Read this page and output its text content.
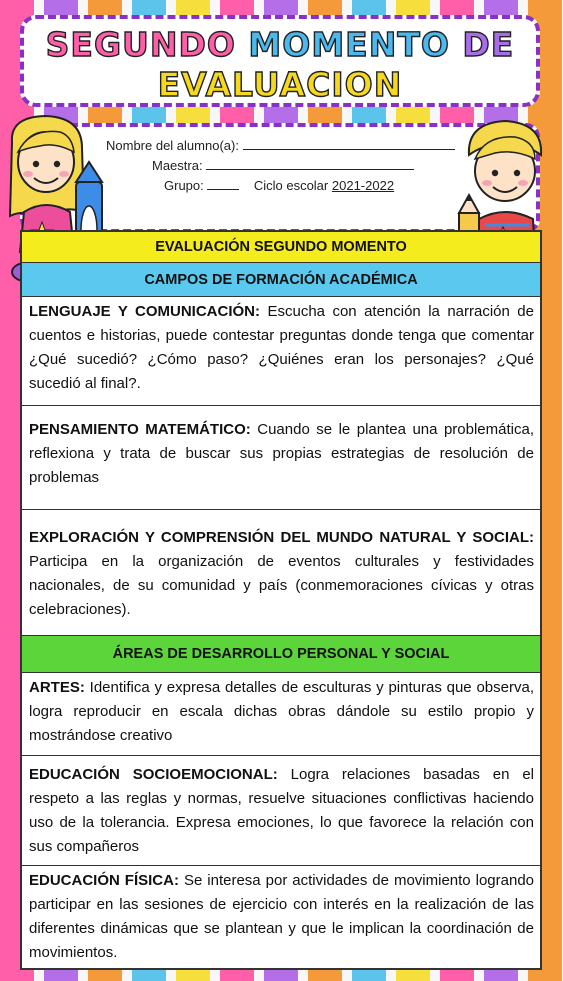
SEGUNDO MOMENTO DE
EVALUACION
Nombre del alumno(a):
Maestra:
Grupo:	Ciclo escolar 2021-2022
EVALUACIÓN SEGUNDO MOMENTO
CAMPOS DE FORMACIÓN ACADÉMICA
LENGUAJE Y COMUNICACIÓN: Escucha con atención la narración de cuentos e historias, puede contestar preguntas donde tenga que comentar ¿Qué sucedió? ¿Cómo paso? ¿Quiénes eran los personajes? ¿Qué sucedió al final?.
PENSAMIENTO MATEMÁTICO: Cuando se le plantea una problemática, reflexiona y trata de buscar sus propias estrategias de resolución de problemas
EXPLORACIÓN Y COMPRENSIÓN DEL MUNDO NATURAL Y SOCIAL: Participa en la organización de eventos culturales y festividades nacionales, de su comunidad y país (conmemoraciones cívicas y otras celebraciones).
ÁREAS DE DESARROLLO PERSONAL Y SOCIAL
ARTES: Identifica y expresa detalles de esculturas y pinturas que observa, logra reproducir en escala dichas obras dándole su estilo propio y mostrándose creativo
EDUCACIÓN SOCIOEMOCIONAL: Logra relaciones basadas en el respeto a las reglas y normas, resuelve situaciones conflictivas haciendo uso de la tolerancia. Expresa emociones, lo que favorece la relación con sus compañeros
EDUCACIÓN FÍSICA: Se interesa por actividades de movimiento logrando participar en las sesiones de ejercicio con interés en la realización de las diferentes dinámicas que se plantean y que le implican la coordinación de movimientos.
